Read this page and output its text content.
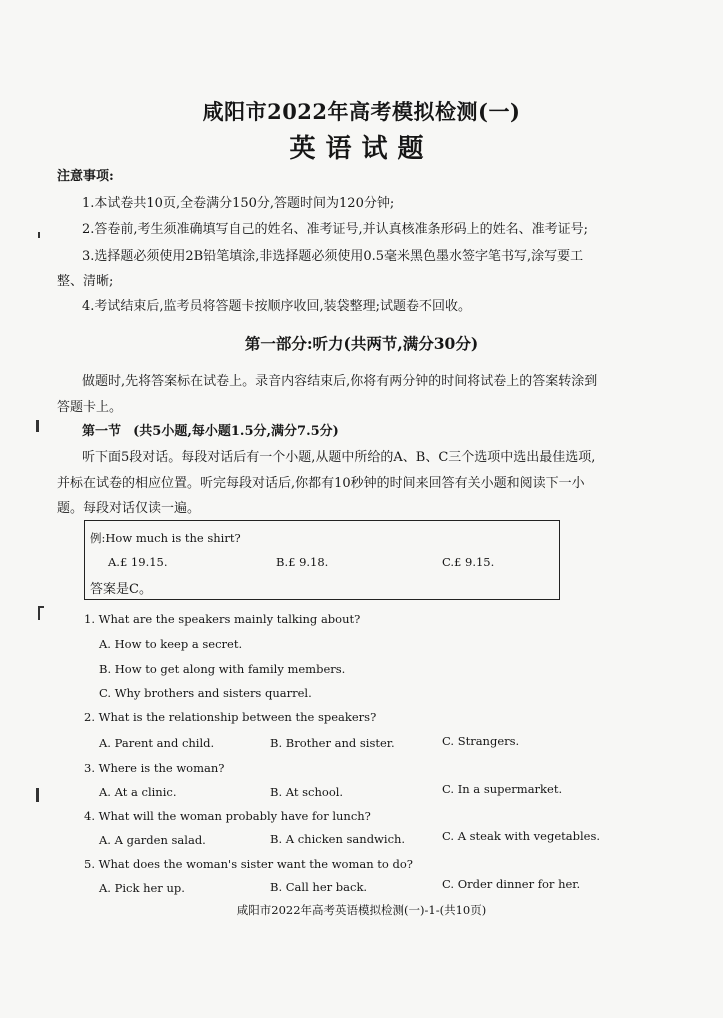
咸阳市2022年高考模拟检测(一)
英语试题
注意事项:
1.本试卷共10页,全卷满分150分,答题时间为120分钟;
2.答卷前,考生须准确填写自己的姓名、准考证号,并认真核准条形码上的姓名、准考证号;
3.选择题必须使用2B铅笔填涂,非选择题必须使用0.5毫米黑色墨水签字笔书写,涂写要工
整、清晰;
4.考试结束后,监考员将答题卡按顺序收回,装袋整理;试题卷不回收。
第一部分:听力(共两节,满分30分)
做题时,先将答案标在试卷上。录音内容结束后,你将有两分钟的时间将试卷上的答案转涂到
答题卡上。
第一节 (共5小题,每小题1.5分,满分7.5分)
听下面5段对话。每段对话后有一个小题,从题中所给的A、B、C三个选项中选出最佳选项,
并标在试卷的相应位置。听完每段对话后,你都有10秒钟的时间来回答有关小题和阅读下一小
题。每段对话仅读一遍。
例:How much is the shirt?
A.£ 19.15.	B.£ 9.18.	C.£ 9.15.
答案是C。
1. What are the speakers mainly talking about?
A. How to keep a secret.
B. How to get along with family members.
C. Why brothers and sisters quarrel.
2. What is the relationship between the speakers?
A. Parent and child.	B. Brother and sister.	C. Strangers.
3. Where is the woman?
A. At a clinic.	B. At school.	C. In a supermarket.
4. What will the woman probably have for lunch?
A. A garden salad.	B. A chicken sandwich.	C. A steak with vegetables.
5. What does the woman's sister want the woman to do?
A. Pick her up.	B. Call her back.	C. Order dinner for her.
咸阳市2022年高考英语模拟检测(一)-1-(共10页)
